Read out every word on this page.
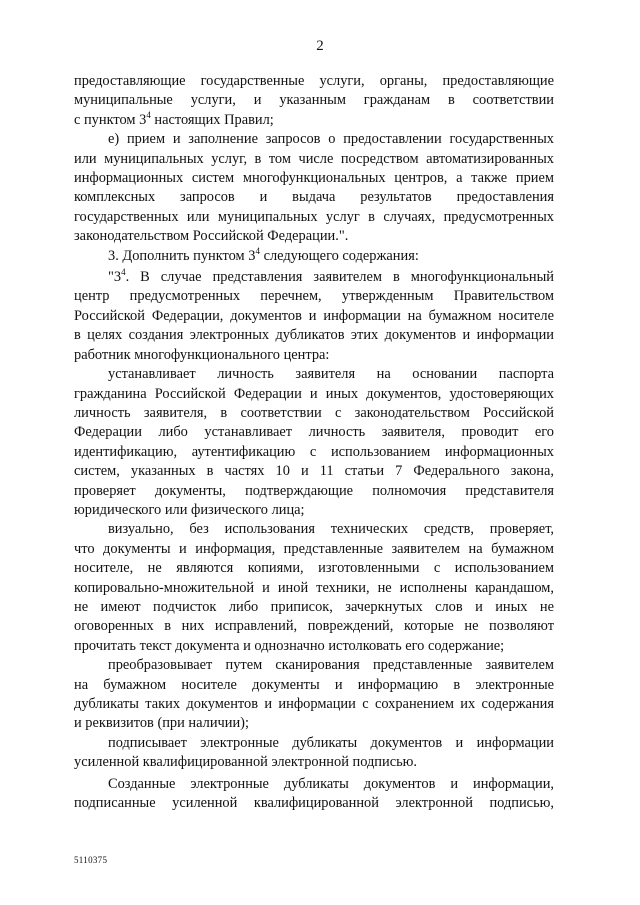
2
предоставляющие государственные услуги, органы, предоставляющие
муниципальные услуги, и указанным гражданам в соответствии
с пунктом $3^4$ настоящих Правил;
е) прием и заполнение запросов о предоставлении государственных
или муниципальных услуг, в том числе посредством автоматизированных
информационных систем многофункциональных центров, а также прием
комплексных запросов и выдача результатов предоставления
государственных или муниципальных услуг в случаях, предусмотренных
законодательством Российской Федерации.".
3. Дополнить пунктом $3^4$ следующего содержания:
"$3^4$. В случае представления заявителем в многофункциональный
центр предусмотренных перечнем, утвержденным Правительством
Российской Федерации, документов и информации на бумажном носителе
в целях создания электронных дубликатов этих документов и информации
работник многофункционального центра:
устанавливает личность заявителя на основании паспорта
гражданина Российской Федерации и иных документов, удостоверяющих
личность заявителя, в соответствии с законодательством Российской
Федерации либо устанавливает личность заявителя, проводит его
идентификацию, аутентификацию с использованием информационных
систем, указанных в частях 10 и 11 статьи 7 Федерального закона,
проверяет документы, подтверждающие полномочия представителя
юридического или физического лица;
визуально, без использования технических средств, проверяет,
что документы и информация, представленные заявителем на бумажном
носителе, не являются копиями, изготовленными с использованием
копировально-множительной и иной техники, не исполнены карандашом,
не имеют подчисток либо приписок, зачеркнутых слов и иных не
оговоренных в них исправлений, повреждений, которые не позволяют
прочитать текст документа и однозначно истолковать его содержание;
преобразовывает путем сканирования представленные заявителем
на бумажном носителе документы и информацию в электронные
дубликаты таких документов и информации с сохранением их содержания
и реквизитов (при наличии);
подписывает электронные дубликаты документов и информации
усиленной квалифицированной электронной подписью.
Созданные электронные дубликаты документов и информации,
подписанные усиленной квалифицированной электронной подписью,
5110375
